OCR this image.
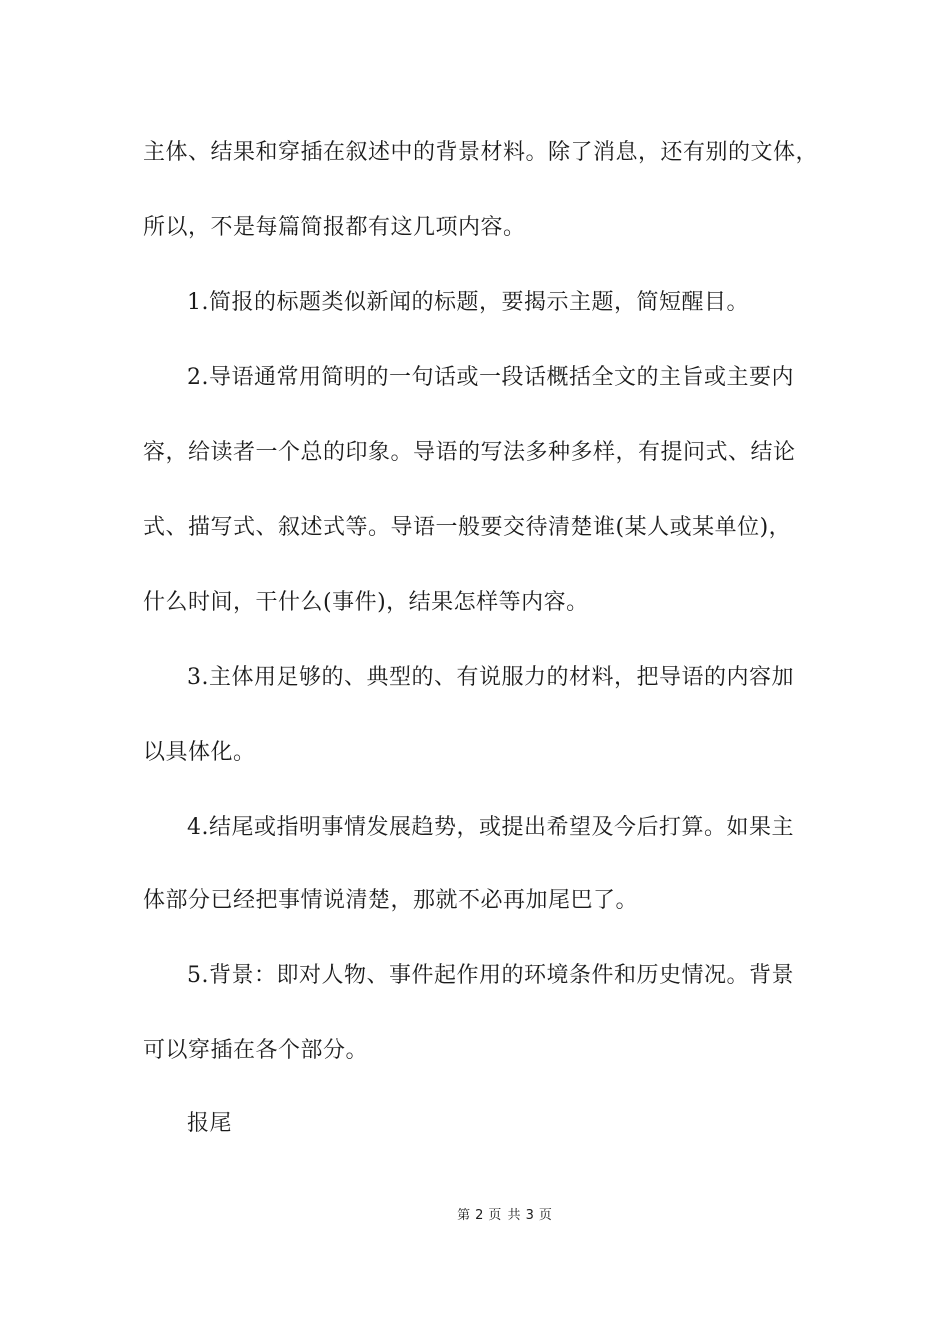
主体、结果和穿插在叙述中的背景材料。除了消息，还有别的文体，
所以，不是每篇简报都有这几项内容。
1.简报的标题类似新闻的标题，要揭示主题，简短醒目。
2.导语通常用简明的一句话或一段话概括全文的主旨或主要内
容，给读者一个总的印象。导语的写法多种多样，有提问式、结论
式、描写式、叙述式等。导语一般要交待清楚谁(某人或某单位)，
什么时间，干什么(事件)，结果怎样等内容。
3.主体用足够的、典型的、有说服力的材料，把导语的内容加
以具体化。
4.结尾或指明事情发展趋势，或提出希望及今后打算。如果主
体部分已经把事情说清楚，那就不必再加尾巴了。
5.背景：即对人物、事件起作用的环境条件和历史情况。背景
可以穿插在各个部分。
报尾
第 2 页 共 3 页
